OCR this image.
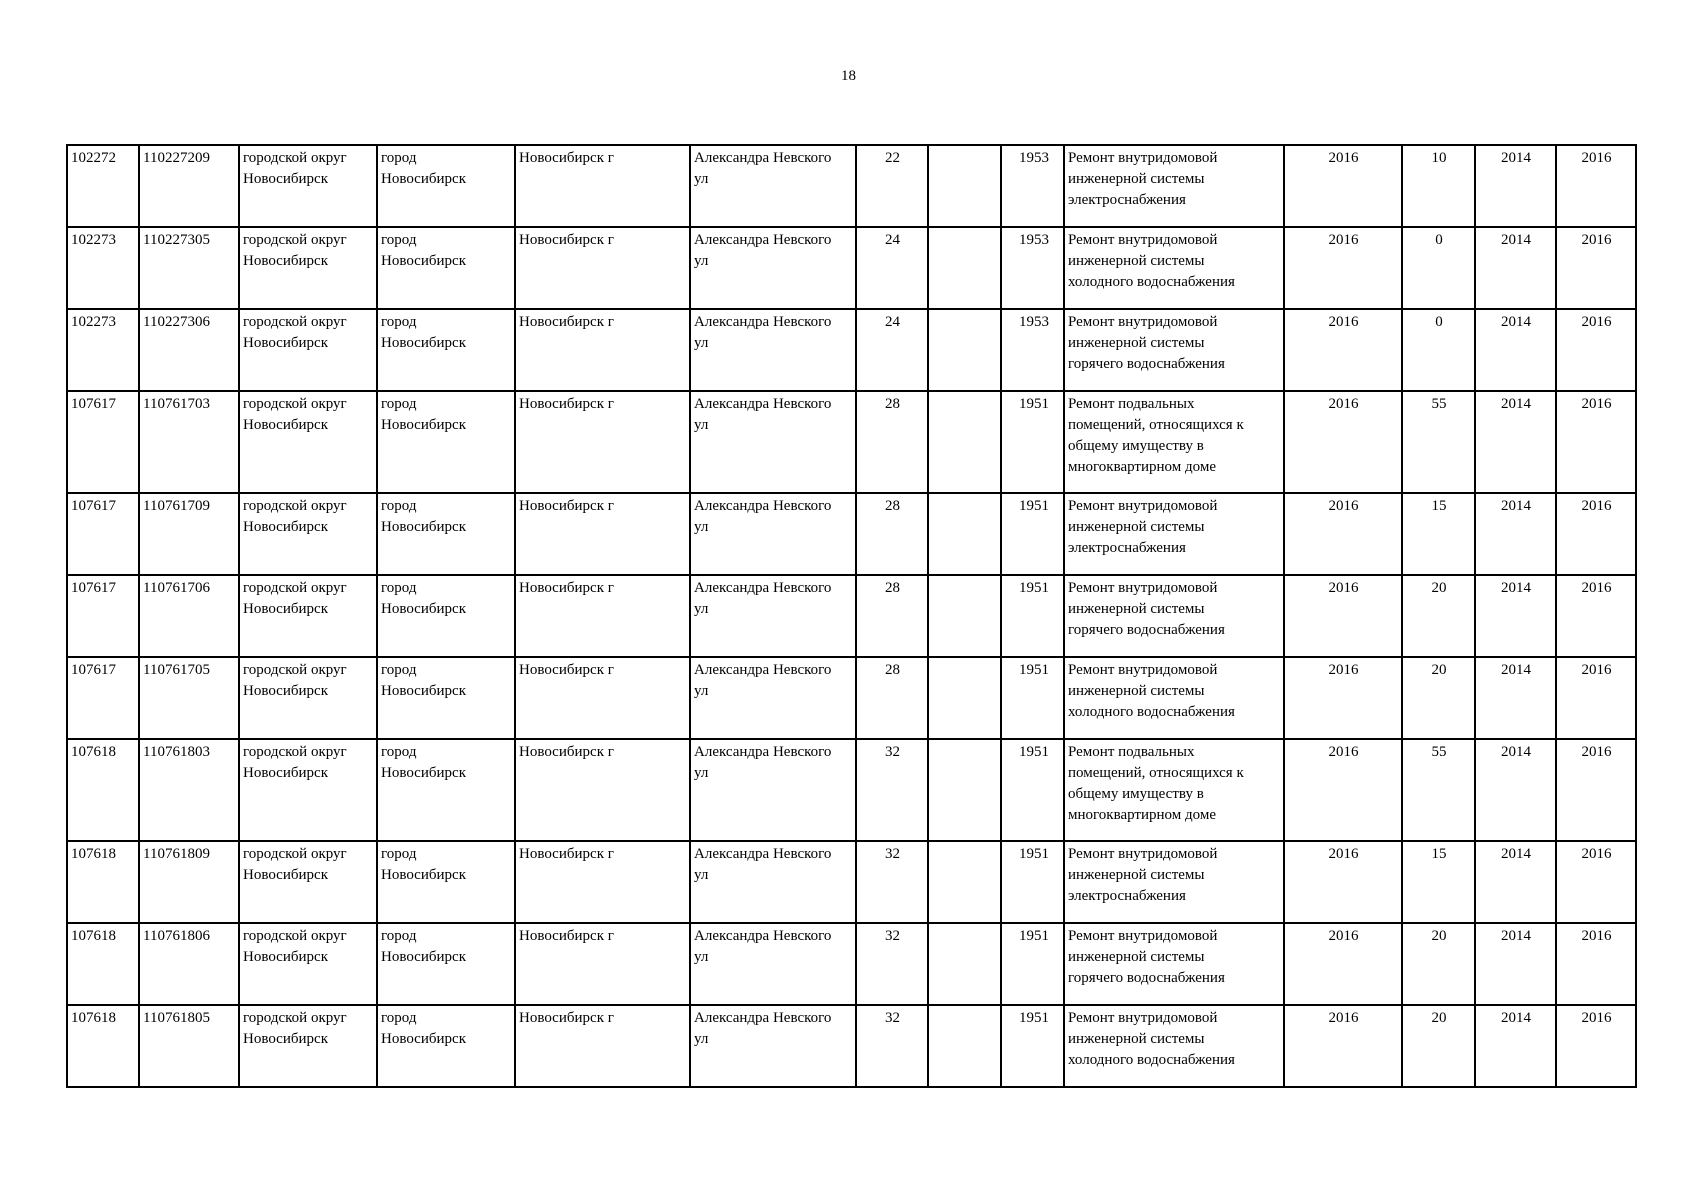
18
102272	110227209	городской округ
Новосибирск	город
Новосибирск	Новосибирск г	Александра Невского
ул	22		1953	Ремонт внутридомовой
инженерной системы
электроснабжения	2016	10	2014	2016
102273	110227305	городской округ
Новосибирск	город
Новосибирск	Новосибирск г	Александра Невского
ул	24		1953	Ремонт внутридомовой
инженерной системы
холодного водоснабжения	2016	0	2014	2016
102273	110227306	городской округ
Новосибирск	город
Новосибирск	Новосибирск г	Александра Невского
ул	24		1953	Ремонт внутридомовой
инженерной системы
горячего водоснабжения	2016	0	2014	2016
107617	110761703	городской округ
Новосибирск	город
Новосибирск	Новосибирск г	Александра Невского
ул	28		1951	Ремонт подвальных
помещений, относящихся к
общему имуществу в
многоквартирном доме	2016	55	2014	2016
107617	110761709	городской округ
Новосибирск	город
Новосибирск	Новосибирск г	Александра Невского
ул	28		1951	Ремонт внутридомовой
инженерной системы
электроснабжения	2016	15	2014	2016
107617	110761706	городской округ
Новосибирск	город
Новосибирск	Новосибирск г	Александра Невского
ул	28		1951	Ремонт внутридомовой
инженерной системы
горячего водоснабжения	2016	20	2014	2016
107617	110761705	городской округ
Новосибирск	город
Новосибирск	Новосибирск г	Александра Невского
ул	28		1951	Ремонт внутридомовой
инженерной системы
холодного водоснабжения	2016	20	2014	2016
107618	110761803	городской округ
Новосибирск	город
Новосибирск	Новосибирск г	Александра Невского
ул	32		1951	Ремонт подвальных
помещений, относящихся к
общему имуществу в
многоквартирном доме	2016	55	2014	2016
107618	110761809	городской округ
Новосибирск	город
Новосибирск	Новосибирск г	Александра Невского
ул	32		1951	Ремонт внутридомовой
инженерной системы
электроснабжения	2016	15	2014	2016
107618	110761806	городской округ
Новосибирск	город
Новосибирск	Новосибирск г	Александра Невского
ул	32		1951	Ремонт внутридомовой
инженерной системы
горячего водоснабжения	2016	20	2014	2016
107618	110761805	городской округ
Новосибирск	город
Новосибирск	Новосибирск г	Александра Невского
ул	32		1951	Ремонт внутридомовой
инженерной системы
холодного водоснабжения	2016	20	2014	2016
